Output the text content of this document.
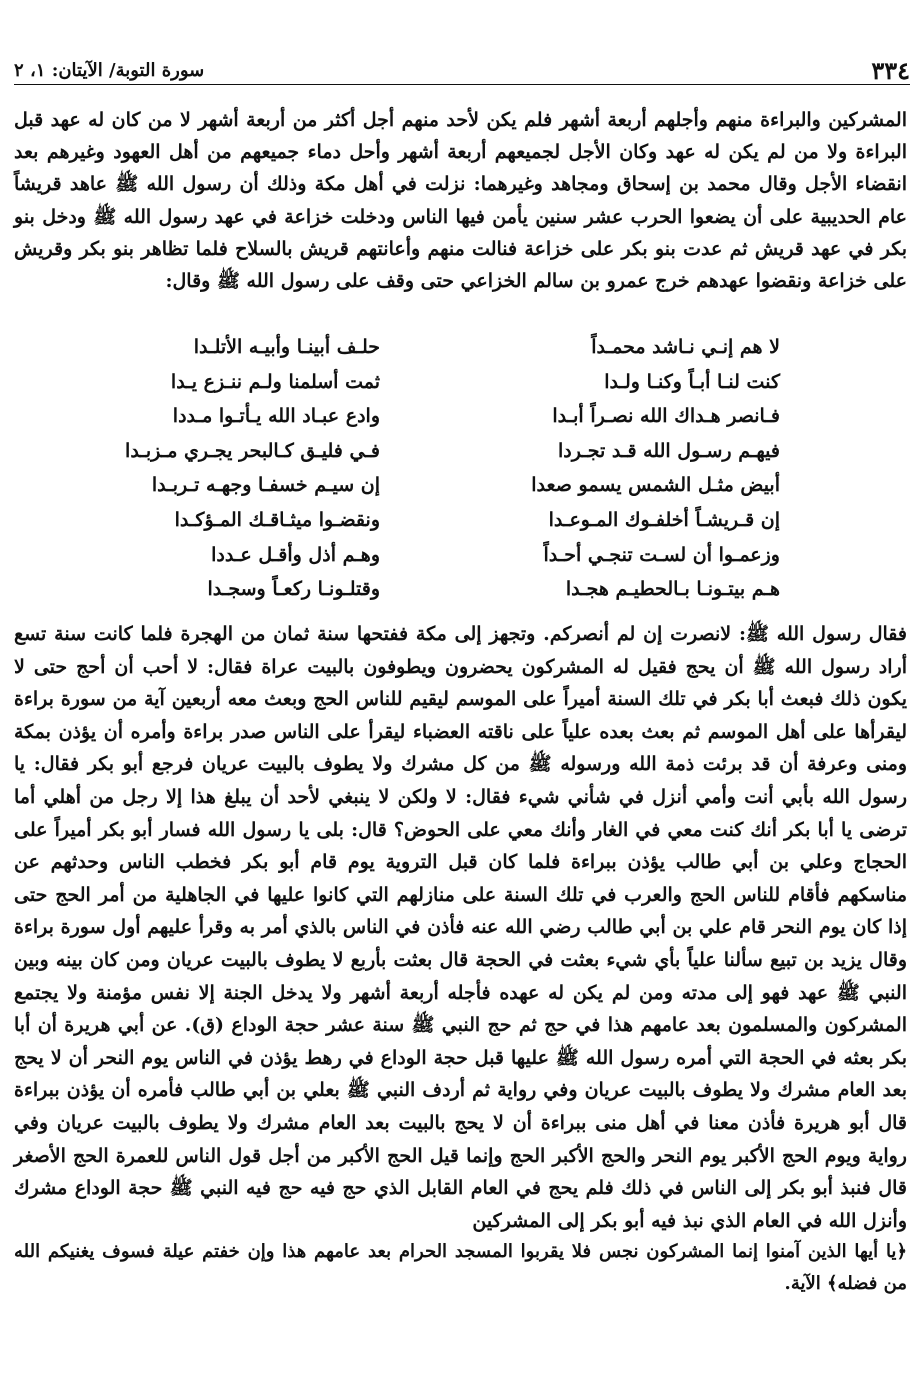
٣٣٤
سورة التوبة/ الآيتان: ١، ٢

المشركين والبراءة منهم وأجلهم أربعة أشهر فلم يكن لأحد منهم أجل أكثر من أربعة أشهر لا من كان له عهد قبل البراءة ولا من لم يكن له عهد وكان الأجل لجميعهم أربعة أشهر وأحل دماء جميعهم من أهل العهود وغيرهم بعد انقضاء الأجل وقال محمد بن إسحاق ومجاهد وغيرهما: نزلت في أهل مكة وذلك أن رسول الله ﷺ عاهد قريشاً عام الحديبية على أن يضعوا الحرب عشر سنين يأمن فيها الناس ودخلت خزاعة في عهد رسول الله ﷺ ودخل بنو بكر في عهد قريش ثم عدت بنو بكر على خزاعة فنالت منهم وأعانتهم قريش بالسلاح فلما تظاهر بنو بكر وقريش على خزاعة ونقضوا عهدهم خرج عمرو بن سالم الخزاعي حتى وقف على رسول الله ﷺ وقال:

لا هم إنـي نـاشد محمـداً
حلـف أبينـا وأبيـه الأتلـدا
كنت لنـا أبـاً وكنـا ولـدا
ثمت أسلمنا ولـم ننـزع يـدا
فـانصر هـداك الله نصـراً أبـدا
وادع عبـاد الله يـأتـوا مـددا
فيهـم رسـول الله قـد تجـردا
فـي فليـق كـالبحر يجـري مـزبـدا
أبيض مثـل الشمس يسمو صعدا
إن سيـم خسفـا وجهـه تـربـدا
إن قـريشـاً أخلفـوك المـوعـدا
ونقضـوا ميثـاقـك المـؤكـدا
وزعمـوا أن لسـت تنجـي أحـداً
وهـم أذل وأقـل عـددا
هـم بيتـونـا بـالحطيـم هجـدا
وقتلـونـا ركعـاً وسجـدا

فقال رسول الله ﷺ: لانصرت إن لم أنصركم. وتجهز إلى مكة ففتحها سنة ثمان من الهجرة فلما كانت سنة تسع أراد رسول الله ﷺ أن يحج فقيل له المشركون يحضرون ويطوفون بالبيت عراة فقال: لا أحب أن أحج حتى لا يكون ذلك فبعث أبا بكر في تلك السنة أميراً على الموسم ليقيم للناس الحج وبعث معه أربعين آية من سورة براءة ليقرأها على أهل الموسم ثم بعث بعده علياً على ناقته العضباء ليقرأ على الناس صدر براءة وأمره أن يؤذن بمكة ومنى وعرفة أن قد برئت ذمة الله ورسوله ﷺ من كل مشرك ولا يطوف بالبيت عريان فرجع أبو بكر فقال: يا رسول الله بأبي أنت وأمي أنزل في شأني شيء فقال: لا ولكن لا ينبغي لأحد أن يبلغ هذا إلا رجل من أهلي أما ترضى يا أبا بكر أنك كنت معي في الغار وأنك معي على الحوض؟ قال: بلى يا رسول الله فسار أبو بكر أميراً على الحجاج وعلي بن أبي طالب يؤذن ببراءة فلما كان قبل التروية يوم قام أبو بكر فخطب الناس وحدثهم عن مناسكهم فأقام للناس الحج والعرب في تلك السنة على منازلهم التي كانوا عليها في الجاهلية من أمر الحج حتى إذا كان يوم النحر قام علي بن أبي طالب رضي الله عنه فأذن في الناس بالذي أمر به وقرأ عليهم أول سورة براءة وقال يزيد بن تبيع سألنا علياً بأي شيء بعثت في الحجة قال بعثت بأربع لا يطوف بالبيت عريان ومن كان بينه وبين النبي ﷺ عهد فهو إلى مدته ومن لم يكن له عهده فأجله أربعة أشهر ولا يدخل الجنة إلا نفس مؤمنة ولا يجتمع المشركون والمسلمون بعد عامهم هذا في حج ثم حج النبي ﷺ سنة عشر حجة الوداع (ق). عن أبي هريرة أن أبا بكر بعثه في الحجة التي أمره رسول الله ﷺ عليها قبل حجة الوداع في رهط يؤذن في الناس يوم النحر أن لا يحج بعد العام مشرك ولا يطوف بالبيت عريان وفي رواية ثم أردف النبي ﷺ بعلي بن أبي طالب فأمره أن يؤذن ببراءة قال أبو هريرة فأذن معنا في أهل منى ببراءة أن لا يحج بالبيت بعد العام مشرك ولا يطوف بالبيت عريان وفي رواية ويوم الحج الأكبر يوم النحر والحج الأكبر الحج وإنما قيل الحج الأكبر من أجل قول الناس للعمرة الحج الأصغر قال فنبذ أبو بكر إلى الناس في ذلك فلم يحج في العام القابل الذي حج فيه حج فيه النبي ﷺ حجة الوداع مشرك وأنزل الله في العام الذي نبذ فيه أبو بكر إلى المشركين

﴿يا أيها الذين آمنوا إنما المشركون نجس فلا يقربوا المسجد الحرام بعد عامهم هذا وإن خفتم عيلة فسوف يغنيكم الله من فضله﴾ الآية.
